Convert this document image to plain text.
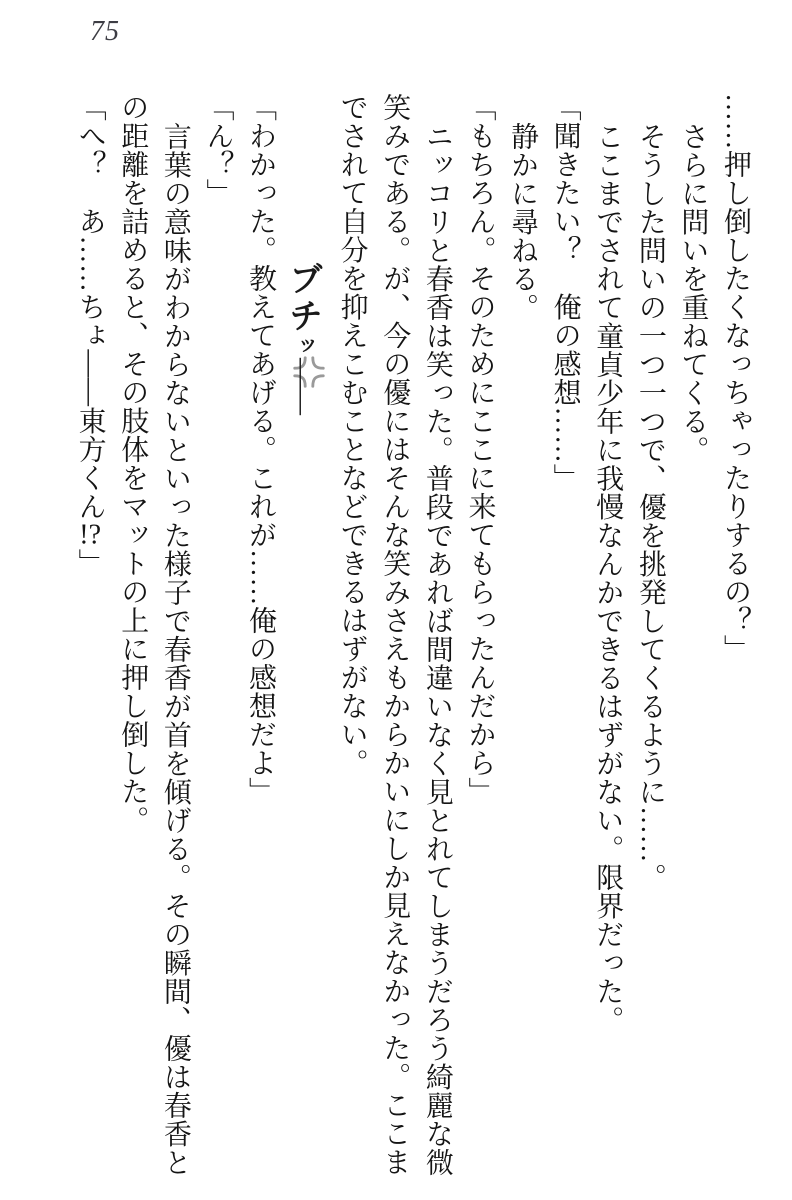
75

……押し倒したくなっちゃったりするの？」

さらに問いを重ねてくる。

そうした問いの一つ一つで、優を挑発してくるように……。

ここまでされて童貞少年に我慢なんかできるはずがない。限界だった。

「聞きたい？　俺の感想……」

静かに尋ねる。

「もちろん。そのためにここに来てもらったんだから」

ニッコリと春香は笑った。普段であれば間違いなく見とれてしまうだろう綺麗な微

笑みである。が、今の優にはそんな笑みさえもからかいにしか見えなかった。ここま

でされて自分を抑えこむことなどできるはずがない。

ブチッ――

「わかった。教えてあげる。これが……俺の感想だよ」

「ん？」

言葉の意味がわからないといった様子で春香が首を傾げる。その瞬間、優は春香と

の距離を詰めると、その肢体をマットの上に押し倒した。

「へ？　あ……ちょ――東方くん!?」
